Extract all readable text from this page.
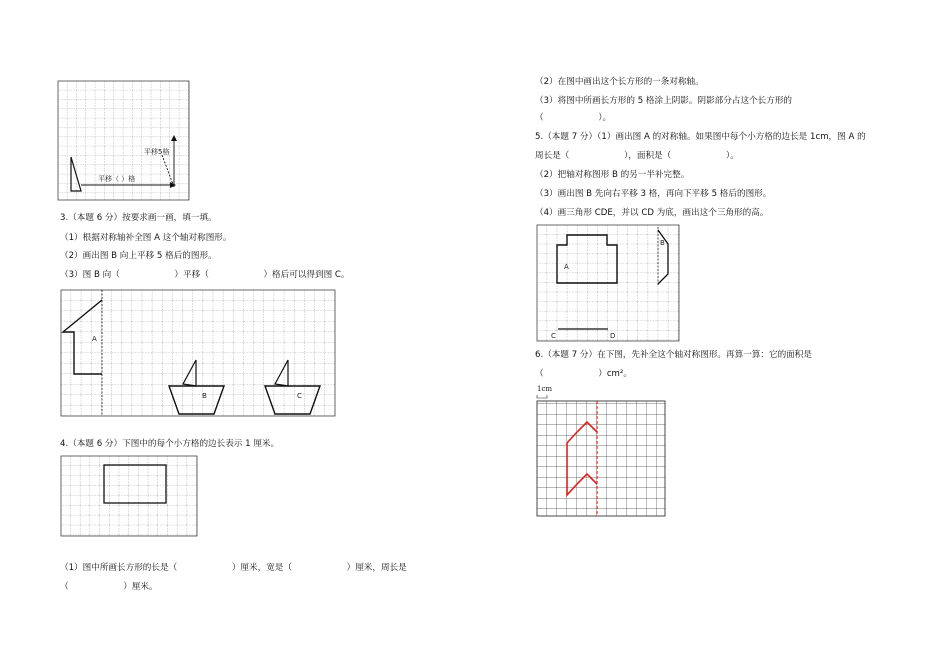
平移5格
平移（ ）格
3.（本题 6 分）按要求画一画，填一填。
（1）根据对称轴补全图 A 这个轴对称图形。
（2）画出图 B 向上平移 5 格后的图形。
（3）图 B 向（                    ）平移（                    ）格后可以得到图 C。
A
B	C
4.（本题 6 分）下图中的每个小方格的边长表示 1 厘米。
（1）图中所画长方形的长是（                    ）厘米，宽是（                    ）厘米，周长是
（                    ）厘米。
（2）在图中画出这个长方形的一条对称轴。
（3）将图中所画长方形的 5 格涂上阴影。阴影部分占这个长方形的
（                    ）。
5.（本题 7 分）（1）画出图 A 的对称轴。如果图中每个小方格的边长是 1cm，图 A 的
周长是（                    ），面积是（                    ）。
（2）把轴对称图形 B 的另一半补完整。
（3）画出图 B 先向右平移 3 格，再向下平移 5 格后的图形。
（4）画三角形 CDE，并以 CD 为底，画出这个三角形的高。
A
B
C	D
6.（本题 7 分）在下图，先补全这个轴对称图形。再算一算：它的面积是
（                    ）cm²。
1cm
